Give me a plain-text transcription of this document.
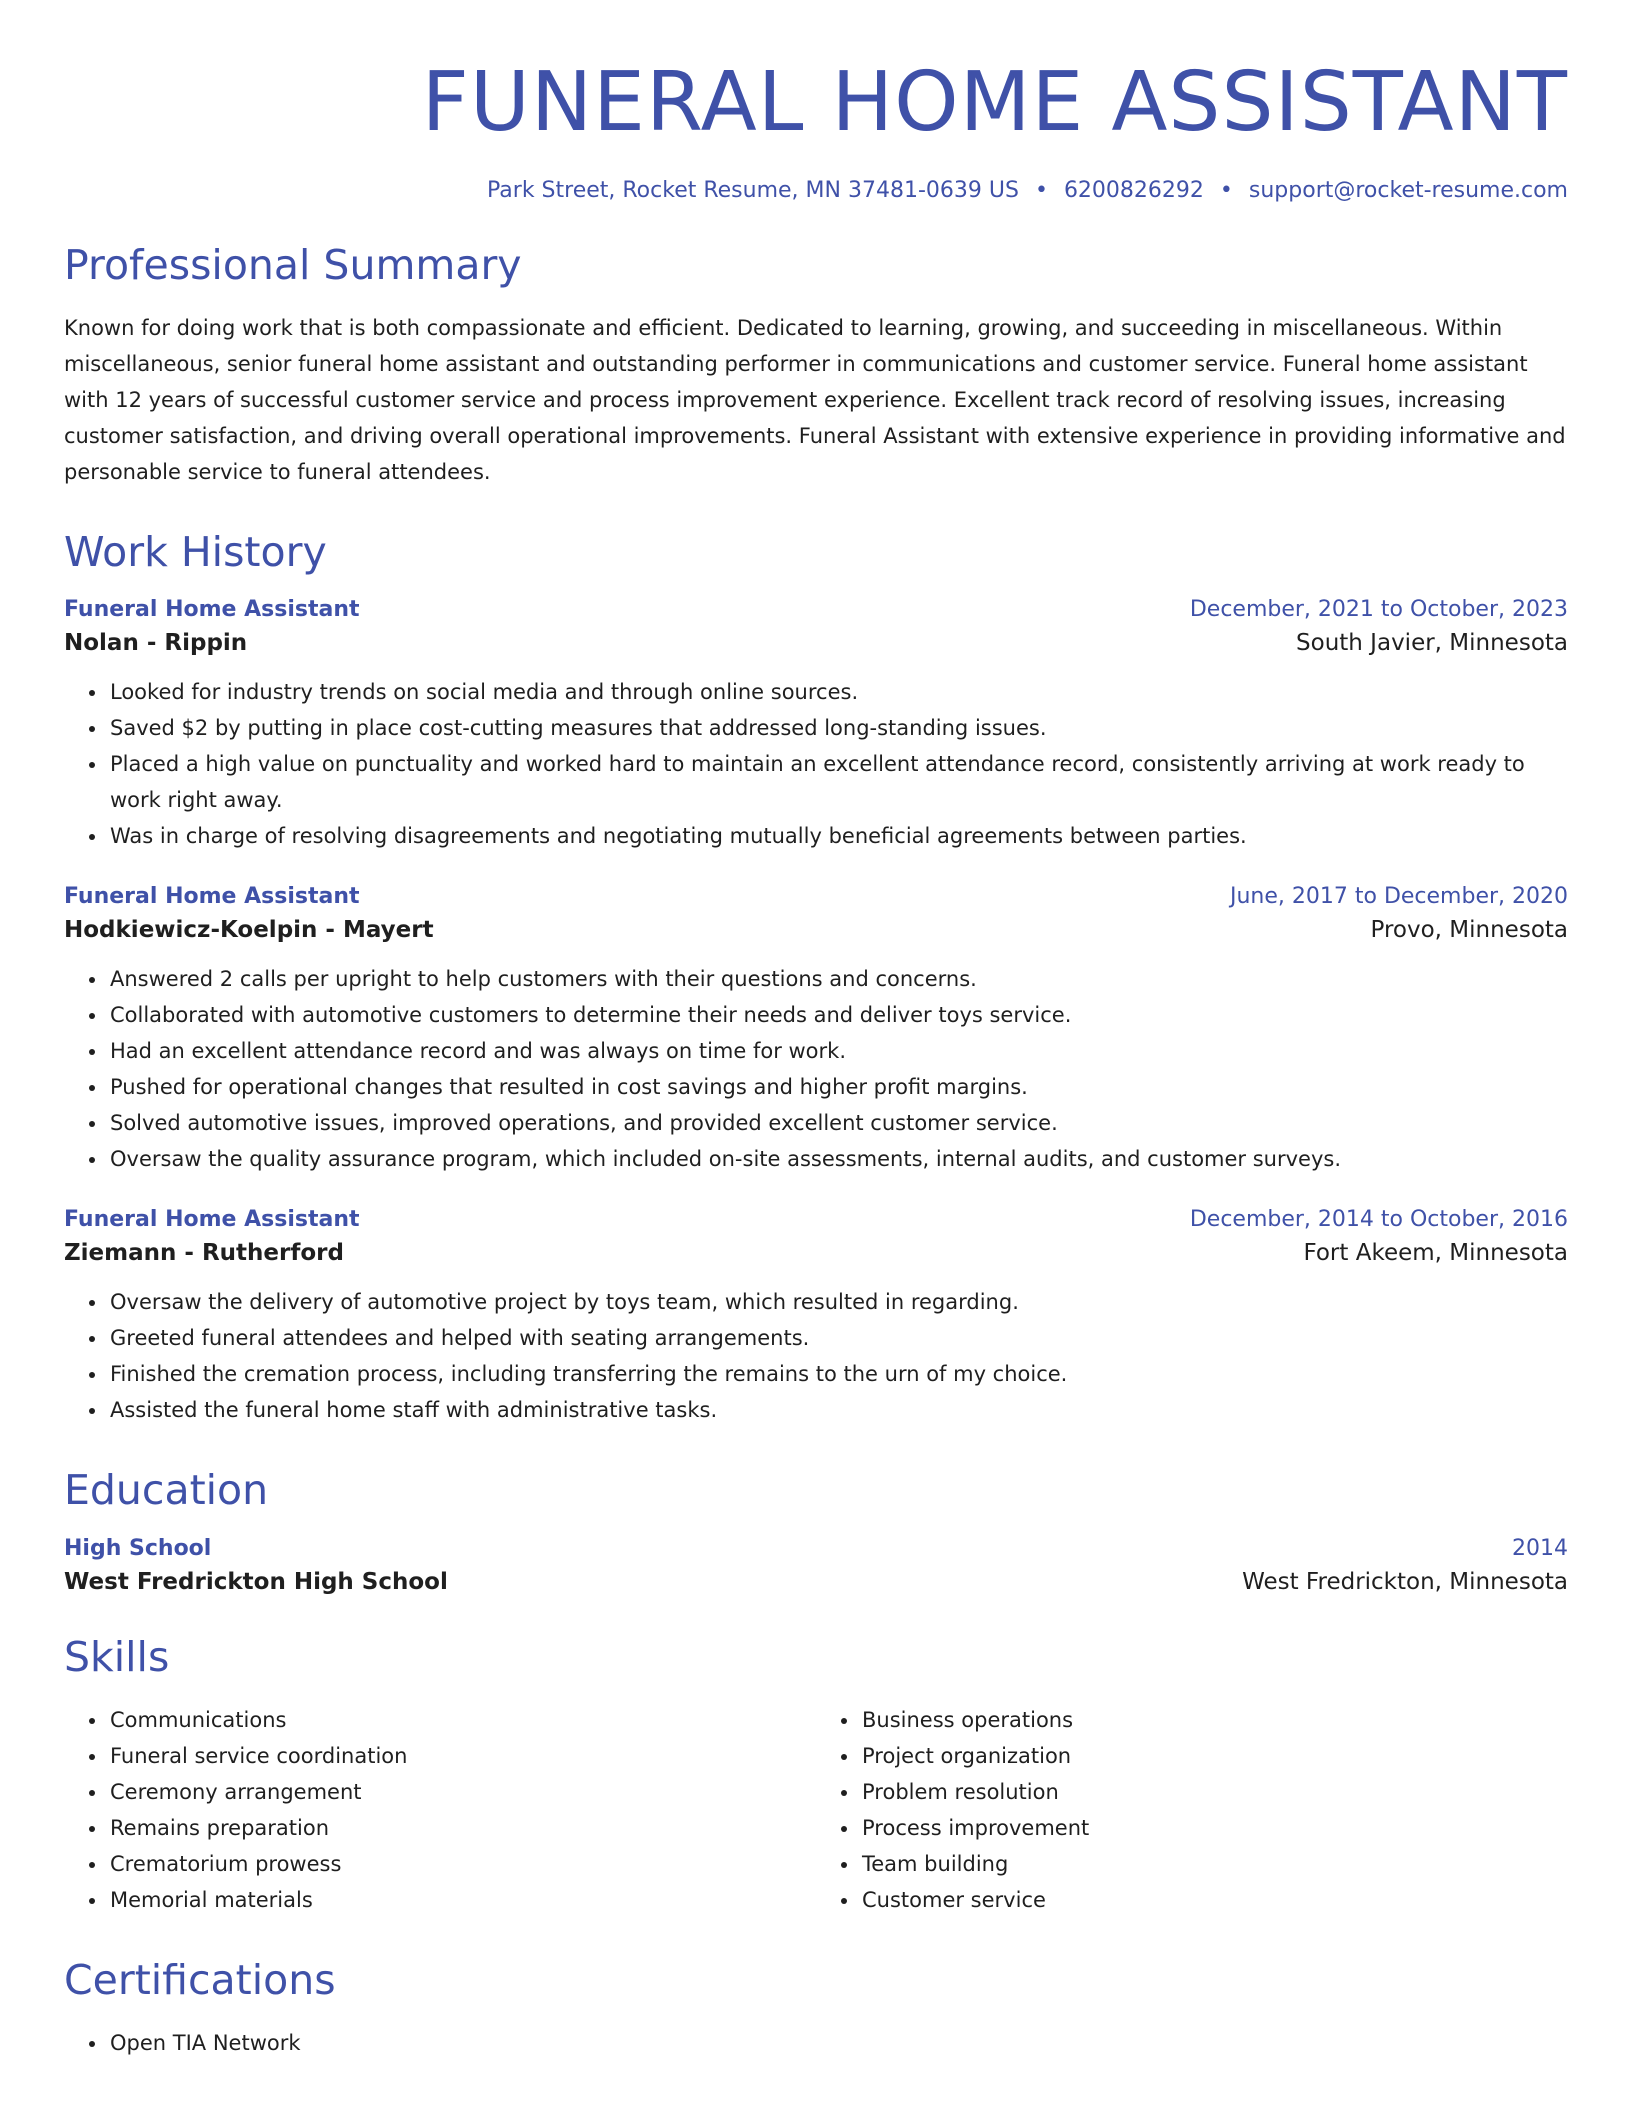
FUNERAL HOME ASSISTANT
Park Street, Rocket Resume, MN 37481-0639 US • 6200826292 • support@rocket-resume.com
Professional Summary

Known for doing work that is both compassionate and efficient. Dedicated to learning, growing, and succeeding in miscellaneous. Within miscellaneous, senior funeral home assistant and outstanding performer in communications and customer service. Funeral home assistant with 12 years of successful customer service and process improvement experience. Excellent track record of resolving issues, increasing customer satisfaction, and driving overall operational improvements. Funeral Assistant with extensive experience in providing informative and personable service to funeral attendees.

Work History
Funeral Home Assistant	December, 2021 to October, 2023
Nolan - Rippin	South Javier, Minnesota
• Looked for industry trends on social media and through online sources.
• Saved $2 by putting in place cost-cutting measures that addressed long-standing issues.
• Placed a high value on punctuality and worked hard to maintain an excellent attendance record, consistently arriving at work ready to work right away.
• Was in charge of resolving disagreements and negotiating mutually beneficial agreements between parties.
Funeral Home Assistant	June, 2017 to December, 2020
Hodkiewicz-Koelpin - Mayert	Provo, Minnesota
• Answered 2 calls per upright to help customers with their questions and concerns.
• Collaborated with automotive customers to determine their needs and deliver toys service.
• Had an excellent attendance record and was always on time for work.
• Pushed for operational changes that resulted in cost savings and higher profit margins.
• Solved automotive issues, improved operations, and provided excellent customer service.
• Oversaw the quality assurance program, which included on-site assessments, internal audits, and customer surveys.
Funeral Home Assistant	December, 2014 to October, 2016
Ziemann - Rutherford	Fort Akeem, Minnesota
• Oversaw the delivery of automotive project by toys team, which resulted in regarding.
• Greeted funeral attendees and helped with seating arrangements.
• Finished the cremation process, including transferring the remains to the urn of my choice.
• Assisted the funeral home staff with administrative tasks.
Education
High School	2014
West Fredrickton High School	West Fredrickton, Minnesota
Skills
• Communications
• Funeral service coordination
• Ceremony arrangement
• Remains preparation
• Crematorium prowess
• Memorial materials
• Business operations
• Project organization
• Problem resolution
• Process improvement
• Team building
• Customer service
Certifications
• Open TIA Network
